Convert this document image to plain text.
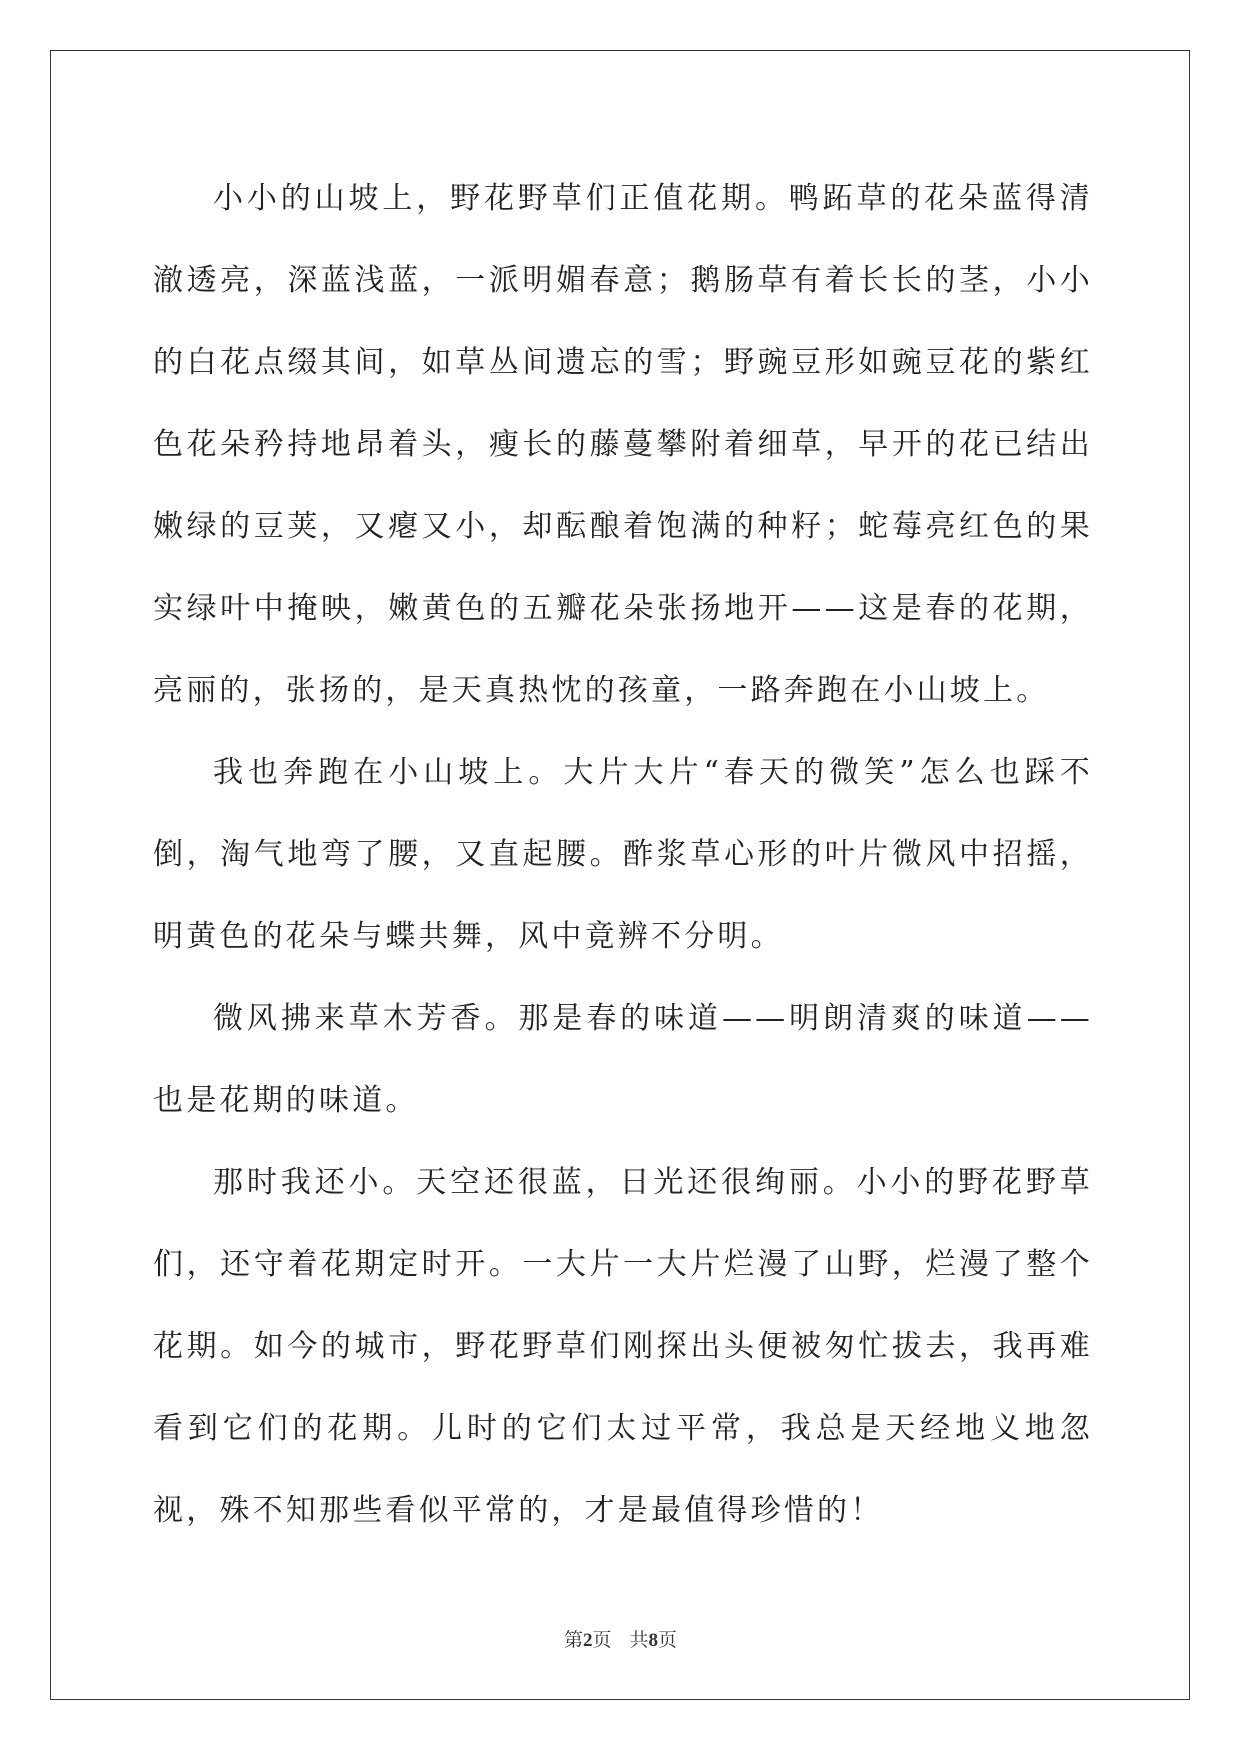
小小的山坡上，野花野草们正值花期。鸭跖草的花朵蓝得清澈透亮，深蓝浅蓝，一派明媚春意；鹅肠草有着长长的茎，小小的白花点缀其间，如草丛间遗忘的雪；野豌豆形如豌豆花的紫红色花朵矜持地昂着头，瘦长的藤蔓攀附着细草，早开的花已结出嫩绿的豆荚，又瘪又小，却酝酿着饱满的种籽；蛇莓亮红色的果实绿叶中掩映，嫩黄色的五瓣花朵张扬地开——这是春的花期，亮丽的，张扬的，是天真热忱的孩童，一路奔跑在小山坡上。

我也奔跑在小山坡上。大片大片“春天的微笑”怎么也踩不倒，淘气地弯了腰，又直起腰。酢浆草心形的叶片微风中招摇，明黄色的花朵与蝶共舞，风中竟辨不分明。

微风拂来草木芳香。那是春的味道——明朗清爽的味道——也是花期的味道。

那时我还小。天空还很蓝，日光还很绚丽。小小的野花野草们，还守着花期定时开。一大片一大片烂漫了山野，烂漫了整个花期。如今的城市，野花野草们刚探出头便被匆忙拔去，我再难看到它们的花期。儿时的它们太过平常，我总是天经地义地忽视，殊不知那些看似平常的，才是最值得珍惜的！

第2页 共8页
